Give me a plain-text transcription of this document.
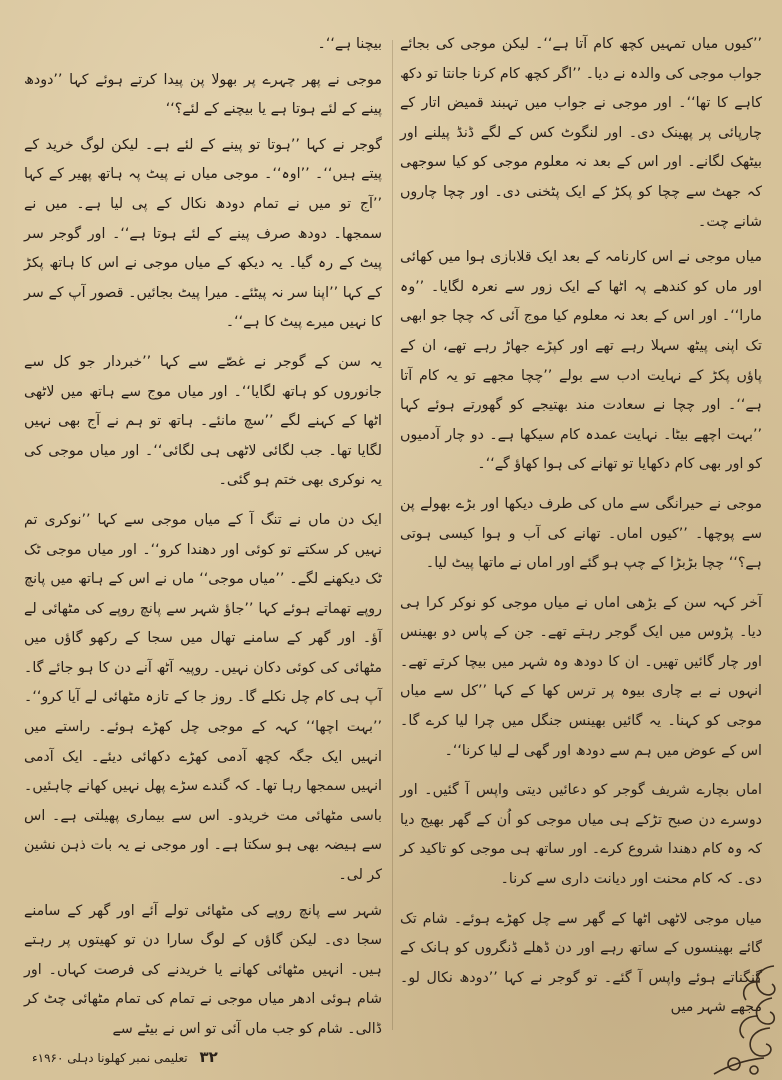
’’کیوں میاں تمہیں کچھ کام آتا ہے‘‘۔ لیکن موجی کی بجائے جواب موجی کی والدہ نے دیا۔ ’’اگر کچھ کام کرنا جانتا تو دکھ کاہے کا تھا‘‘۔ اور موجی نے جواب میں تہبند قمیض اتار کے چارپائی پر پھینک دی۔ اور لنگوٹ کس کے لگے ڈنڈ پیلنے اور بیٹھک لگانے۔ اور اس کے بعد نہ معلوم موجی کو کیا سوجھی کہ جھٹ سے چچا کو پکڑ کے ایک پٹخنی دی۔ اور چچا چاروں شانے چت۔

میاں موجی نے اس کارنامہ کے بعد ایک قلابازی ہوا میں کھائی اور ماں کو کندھے پہ اٹھا کے ایک زور سے نعرہ لگایا۔ ’’وہ مارا‘‘۔ اور اس کے بعد نہ معلوم کیا موج آئی کہ چچا جو ابھی تک اپنی پیٹھ سہلا رہے تھے اور کپڑے جھاڑ رہے تھے، ان کے پاؤں پکڑ کے نہایت ادب سے بولے ’’چچا مجھے تو یہ کام آتا ہے‘‘۔ اور چچا نے سعادت مند بھتیجے کو گھورتے ہوئے کہا ’’بہت اچھے بیٹا۔ نہایت عمدہ کام سیکھا ہے۔ دو چار آدمیوں کو اور بھی کام دکھایا تو تھانے کی ہوا کھاؤ گے‘‘۔

موجی نے حیرانگی سے ماں کی طرف دیکھا اور بڑے بھولے پن سے پوچھا۔ ’’کیوں اماں۔ تھانے کی آب و ہوا کیسی ہوتی ہے؟‘‘ چچا بڑبڑا کے چپ ہو گئے اور اماں نے ماتھا پیٹ لیا۔

آخر کہہ سن کے بڑھی اماں نے میاں موجی کو نوکر کرا ہی دیا۔ پڑوس میں ایک گوجر رہتے تھے۔ جن کے پاس دو بھینس اور چار گائیں تھیں۔ ان کا دودھ وہ شہر میں بیچا کرتے تھے۔ انہوں نے بے چاری بیوہ پر ترس کھا کے کہا ’’کل سے میاں موجی کو کہنا۔ یہ گائیں بھینس جنگل میں چرا لیا کرے گا۔ اس کے عوض میں ہم سے دودھ اور گھی لے لیا کرنا‘‘۔

اماں بچارے شریف گوجر کو دعائیں دیتی واپس آ گئیں۔ اور دوسرے دن صبح تڑکے ہی میاں موجی کو اُن کے گھر بھیج دیا کہ وہ کام دھندا شروع کرے۔ اور ساتھ ہی موجی کو تاکید کر دی۔ کہ کام محنت اور دیانت داری سے کرنا۔

میاں موجی لاٹھی اٹھا کے گھر سے چل کھڑے ہوئے۔ شام تک گائے بھینسوں کے ساتھ رہے اور دن ڈھلے ڈنگروں کو ہانک کے گنگناتے ہوئے واپس آ گئے۔ تو گوجر نے کہا ’’دودھ نکال لو۔ مجھے شہر میں

بیچنا ہے‘‘۔

موجی نے پھر چہرے پر بھولا پن پیدا کرتے ہوئے کہا ’’دودھ پینے کے لئے ہوتا ہے یا بیچنے کے لئے؟‘‘

گوجر نے کہا ’’ہوتا تو پینے کے لئے ہے۔ لیکن لوگ خرید کے پیتے ہیں‘‘۔ ’’اوہ‘‘۔ موجی میاں نے پیٹ پہ ہاتھ پھیر کے کہا ’’آج تو میں نے تمام دودھ نکال کے پی لیا ہے۔ میں نے سمجھا۔ دودھ صرف پینے کے لئے ہوتا ہے‘‘۔ اور گوجر سر پیٹ کے رہ گیا۔ یہ دیکھ کے میاں موجی نے اس کا ہاتھ پکڑ کے کہا ’’اپنا سر نہ پیٹئے۔ میرا پیٹ بجائیں۔ قصور آپ کے سر کا نہیں میرے پیٹ کا ہے‘‘۔

یہ سن کے گوجر نے غصّے سے کہا ’’خبردار جو کل سے جانوروں کو ہاتھ لگایا‘‘۔ اور میاں موج سے ہاتھ میں لاٹھی اٹھا کے کہنے لگے ’’سچ مانئے۔ ہاتھ تو ہم نے آج بھی نہیں لگایا تھا۔ جب لگائی لاٹھی ہی لگائی‘‘۔ اور میاں موجی کی یہ نوکری بھی ختم ہو گئی۔

ایک دن ماں نے تنگ آ کے میاں موجی سے کہا ’’نوکری تم نہیں کر سکتے تو کوئی اور دھندا کرو‘‘۔ اور میاں موجی ٹک ٹک دیکھنے لگے۔ ’’میاں موجی‘‘ ماں نے اس کے ہاتھ میں پانچ روپے تھماتے ہوئے کہا ’’جاؤ شہر سے پانچ روپے کی مٹھائی لے آؤ۔ اور گھر کے سامنے تھال میں سجا کے رکھو گاؤں میں مٹھائی کی کوئی دکان نہیں۔ روپیہ آٹھ آنے دن کا ہو جائے گا۔ آپ ہی کام چل نکلے گا۔ روز جا کے تازہ مٹھائی لے آیا کرو‘‘۔ ’’بہت اچھا‘‘ کہہ کے موجی چل کھڑے ہوئے۔ راستے میں انہیں ایک جگہ کچھ آدمی کھڑے دکھائی دیئے۔ ایک آدمی انہیں سمجھا رہا تھا۔ کہ گندے سڑے پھل نہیں کھانے چاہئیں۔ باسی مٹھائی مت خریدو۔ اس سے بیماری پھیلتی ہے۔ اس سے ہیضہ بھی ہو سکتا ہے۔ اور موجی نے یہ بات ذہن نشین کر لی۔

شہر سے پانچ روپے کی مٹھائی تولے آئے اور گھر کے سامنے سجا دی۔ لیکن گاؤں کے لوگ سارا دن تو کھیتوں پر رہتے ہیں۔ انہیں مٹھائی کھانے یا خریدنے کی فرصت کہاں۔ اور شام ہوئی ادھر میاں موجی نے تمام کی تمام مٹھائی چٹ کر ڈالی۔ شام کو جب ماں آئی تو اس نے بیٹے سے

۳۲ تعلیمی نمبر کھلونا دہلی ۱۹۶۰ء
